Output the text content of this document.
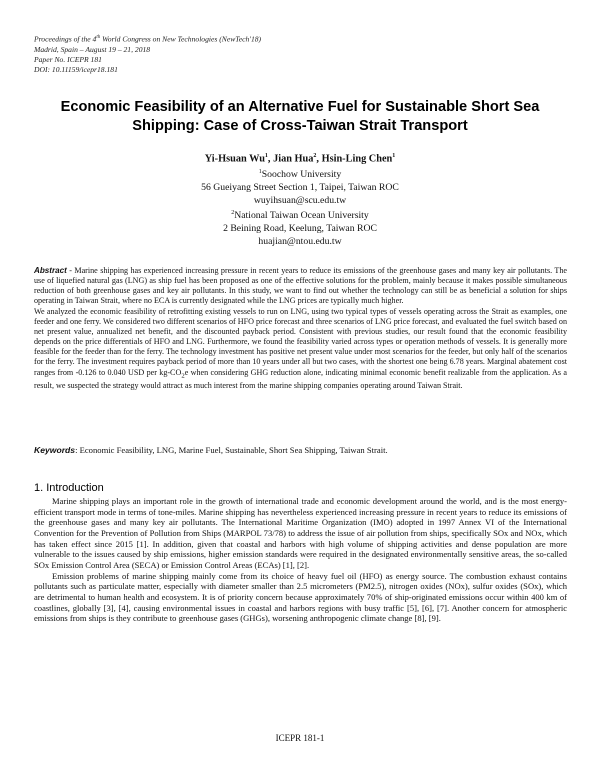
Proceedings of the 4th World Congress on New Technologies (NewTech'18)
Madrid, Spain – August 19 – 21, 2018
Paper No. ICEPR 181
DOI: 10.11159/icepr18.181
Economic Feasibility of an Alternative Fuel for Sustainable Short Sea
Shipping: Case of Cross-Taiwan Strait Transport
Yi-Hsuan Wu$^1$, Jian Hua$^2$, Hsin-Ling Chen$^1$
$^1$Soochow University
56 Gueiyang Street Section 1, Taipei, Taiwan ROC
wuyihsuan@scu.edu.tw
$^2$National Taiwan Ocean University
2 Beining Road, Keelung, Taiwan ROC
huajian@ntou.edu.tw

Abstract - Marine shipping has experienced increasing pressure in recent years to reduce its emissions of the greenhouse gases and many key air pollutants. The use of liquefied natural gas (LNG) as ship fuel has been proposed as one of the effective solutions for the problem, mainly because it makes possible simultaneous reduction of both greenhouse gases and key air pollutants. In this study, we want to find out whether the technology can still be as beneficial a solution for ships operating in Taiwan Strait, where no ECA is currently designated while the LNG prices are typically much higher.

We analyzed the economic feasibility of retrofitting existing vessels to run on LNG, using two typical types of vessels operating across the Strait as examples, one feeder and one ferry. We considered two different scenarios of HFO price forecast and three scenarios of LNG price forecast, and evaluated the fuel switch based on net present value, annualized net benefit, and the discounted payback period. Consistent with previous studies, our result found that the economic feasibility depends on the price differentials of HFO and LNG. Furthermore, we found the feasibility varied across types or operation methods of vessels. It is generally more feasible for the feeder than for the ferry. The technology investment has positive net present value under most scenarios for the feeder, but only half of the scenarios for the ferry. The investment requires payback period of more than 10 years under all but two cases, with the shortest one being 6.78 years. Marginal abatement cost ranges from -0.126 to 0.040 USD per $kg-CO_2e$ when considering GHG reduction alone, indicating minimal economic benefit realizable from the application. As a result, we suspected the strategy would attract as much interest from the marine shipping companies operating around Taiwan Strait.

Keywords: Economic Feasibility, LNG, Marine Fuel, Sustainable, Short Sea Shipping, Taiwan Strait.
1. Introduction

Marine shipping plays an important role in the growth of international trade and economic development around the world, and is the most energy-efficient transport mode in terms of tone-miles. Marine shipping has nevertheless experienced increasing pressure in recent years to reduce its emissions of the greenhouse gases and many key air pollutants. The International Maritime Organization (IMO) adopted in 1997 Annex VI of the International Convention for the Prevention of Pollution from Ships (MARPOL 73/78) to address the issue of air pollution from ships, specifically SOx and NOx, which has taken effect since 2015 [1]. In addition, given that coastal and harbors with high volume of shipping activities and dense population are more vulnerable to the issues caused by ship emissions, higher emission standards were required in the designated environmentally sensitive areas, the so-called SOx Emission Control Area (SECA) or Emission Control Areas (ECAs) [1], [2].

Emission problems of marine shipping mainly come from its choice of heavy fuel oil (HFO) as energy source. The combustion exhaust contains pollutants such as particulate matter, especially with diameter smaller than 2.5 micrometers (PM2.5), nitrogen oxides (NOx), sulfur oxides (SOx), which are detrimental to human health and ecosystem. It is of priority concern because approximately 70% of ship-originated emissions occur within 400 km of coastlines, globally [3], [4], causing environmental issues in coastal and harbors regions with busy traffic [5], [6], [7]. Another concern for atmospheric emissions from ships is they contribute to greenhouse gases (GHGs), worsening anthropogenic climate change [8], [9].

ICEPR 181-1
